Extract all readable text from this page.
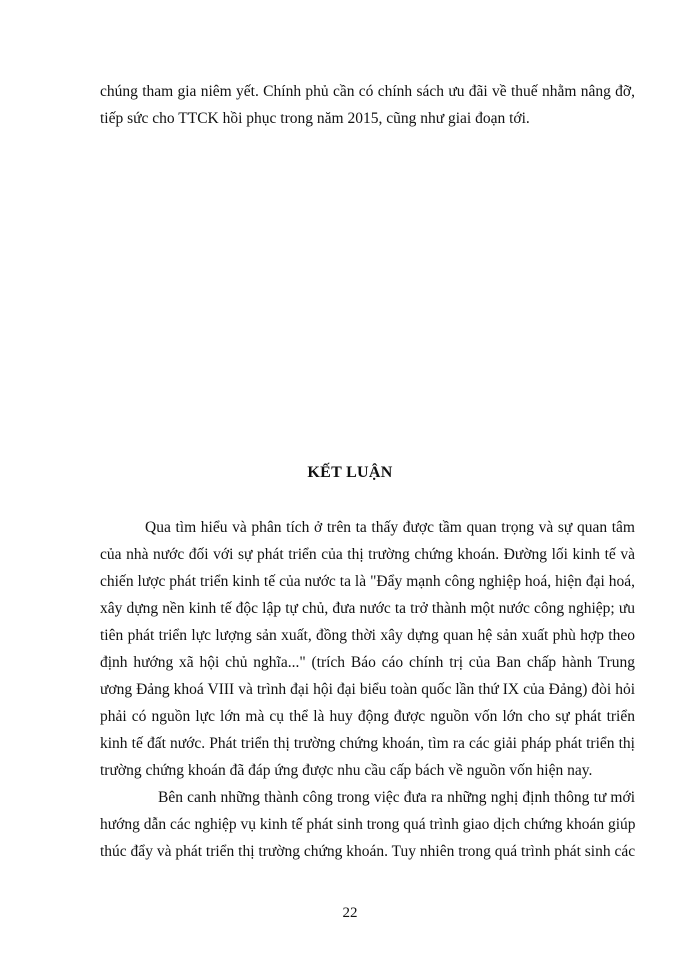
chúng tham gia niêm yết. Chính phủ cần có chính sách ưu đãi về thuế nhằm nâng đỡ,
tiếp sức cho TTCK hồi phục trong năm 2015, cũng như giai đoạn tới.
KẾT LUẬN
Qua tìm hiểu và phân tích ở trên ta thấy được tầm quan trọng và sự quan tâm
của nhà nước đối với sự phát triển của thị trường chứng khoán. Đường lối kinh tế và
chiến lược phát triển kinh tế của nước ta là "Đẩy mạnh công nghiệp hoá, hiện đại hoá,
xây dựng nền kinh tế độc lập tự chủ, đưa nước ta trở thành một nước công nghiệp; ưu
tiên phát triển lực lượng sản xuất, đồng thời xây dựng quan hệ sản xuất phù hợp theo
định hướng xã hội chủ nghĩa..." (trích Báo cáo chính trị của Ban chấp hành Trung
ương Đảng khoá VIII và trình đại hội đại biểu toàn quốc lần thứ IX của Đảng) đòi hỏi
phải có nguồn lực lớn mà cụ thể là huy động được nguồn vốn lớn cho sự phát triển
kinh tế đất nước. Phát triển thị trường chứng khoán, tìm ra các giải pháp phát triển thị
trường chứng khoán đã đáp ứng được nhu cầu cấp bách về nguồn vốn hiện nay.
Bên canh những thành công trong việc đưa ra những nghị định thông tư mới
hướng dẫn các nghiệp vụ kinh tế phát sinh trong quá trình giao dịch chứng khoán giúp
thúc đẩy và phát triển thị trường chứng khoán. Tuy nhiên trong quá trình phát sinh các
22
